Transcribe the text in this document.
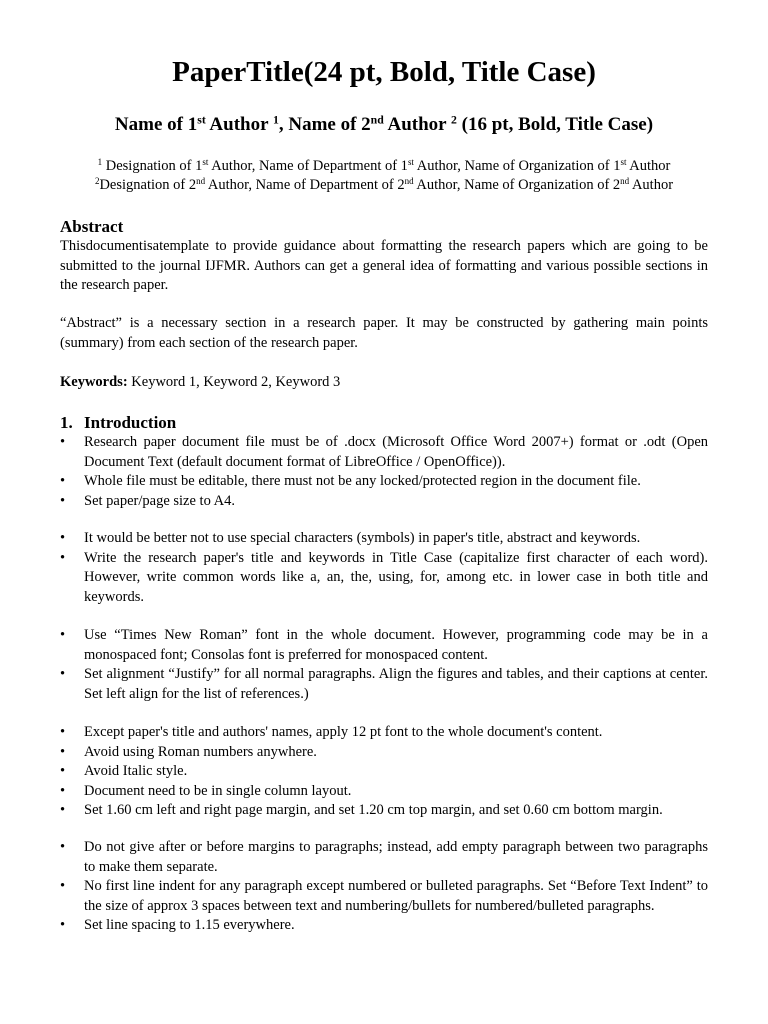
PaperTitle(24 pt, Bold, Title Case)
Name of 1st Author $^1$, Name of 2nd Author $^2$ (16 pt, Bold, Title Case)
$^1$ Designation of 1st Author, Name of Department of 1st Author, Name of Organization of 1st Author
$^2$Designation of 2nd Author, Name of Department of 2nd Author, Name of Organization of 2nd Author
Abstract
Thisdocumentisatemplate to provide guidance about formatting the research papers which are going to be submitted to the journal IJFMR. Authors can get a general idea of formatting and various possible sections in the research paper.
“Abstract” is a necessary section in a research paper. It may be constructed by gathering main points (summary) from each section of the research paper.
Keywords: Keyword 1, Keyword 2, Keyword 3
1. Introduction
• Research paper document file must be of .docx (Microsoft Office Word 2007+) format or .odt (Open Document Text (default document format of LibreOffice / OpenOffice)).
• Whole file must be editable, there must not be any locked/protected region in the document file.
• Set paper/page size to A4.
• It would be better not to use special characters (symbols) in paper's title, abstract and keywords.
• Write the research paper's title and keywords in Title Case (capitalize first character of each word). However, write common words like a, an, the, using, for, among etc. in lower case in both title and keywords.
• Use “Times New Roman” font in the whole document. However, programming code may be in a monospaced font; Consolas font is preferred for monospaced content.
• Set alignment “Justify” for all normal paragraphs. Align the figures and tables, and their captions at center. Set left align for the list of references.)
• Except paper's title and authors' names, apply 12 pt font to the whole document's content.
• Avoid using Roman numbers anywhere.
• Avoid Italic style.
• Document need to be in single column layout.
• Set 1.60 cm left and right page margin, and set 1.20 cm top margin, and set 0.60 cm bottom margin.
• Do not give after or before margins to paragraphs; instead, add empty paragraph between two paragraphs to make them separate.
• No first line indent for any paragraph except numbered or bulleted paragraphs. Set “Before Text Indent” to the size of approx 3 spaces between text and numbering/bullets for numbered/bulleted paragraphs.
• Set line spacing to 1.15 everywhere.
